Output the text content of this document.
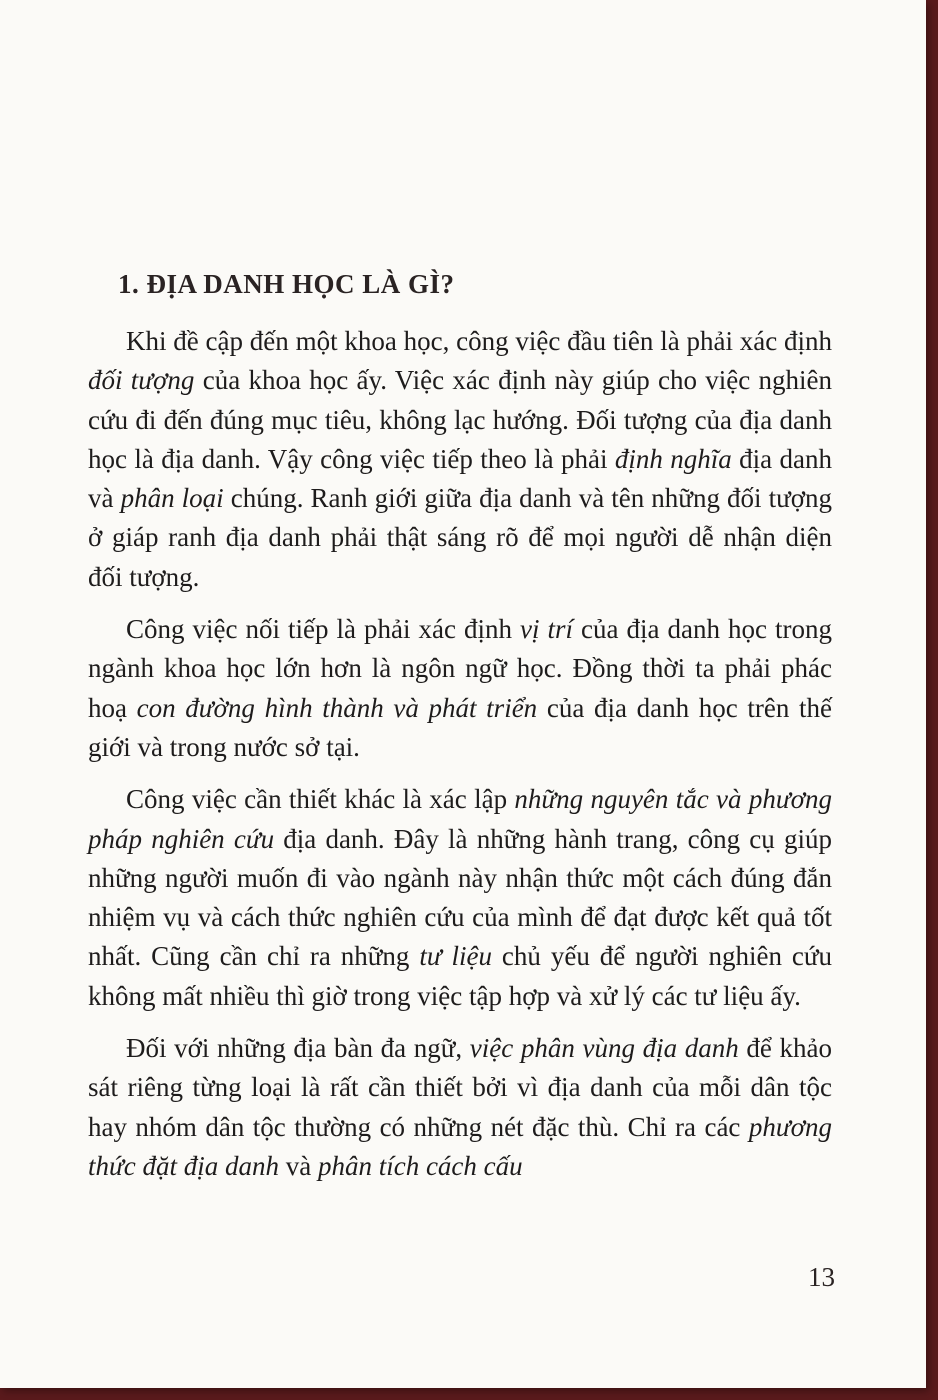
1. ĐỊA DANH HỌC LÀ GÌ?

Khi đề cập đến một khoa học, công việc đầu tiên là phải xác định đối tượng của khoa học ấy. Việc xác định này giúp cho việc nghiên cứu đi đến đúng mục tiêu, không lạc hướng. Đối tượng của địa danh học là địa danh. Vậy công việc tiếp theo là phải định nghĩa địa danh và phân loại chúng. Ranh giới giữa địa danh và tên những đối tượng ở giáp ranh địa danh phải thật sáng rõ để mọi người dễ nhận diện đối tượng.

Công việc nối tiếp là phải xác định vị trí của địa danh học trong ngành khoa học lớn hơn là ngôn ngữ học. Đồng thời ta phải phác hoạ con đường hình thành và phát triển của địa danh học trên thế giới và trong nước sở tại.

Công việc cần thiết khác là xác lập những nguyên tắc và phương pháp nghiên cứu địa danh. Đây là những hành trang, công cụ giúp những người muốn đi vào ngành này nhận thức một cách đúng đắn nhiệm vụ và cách thức nghiên cứu của mình để đạt được kết quả tốt nhất. Cũng cần chỉ ra những tư liệu chủ yếu để người nghiên cứu không mất nhiều thì giờ trong việc tập hợp và xử lý các tư liệu ấy.

Đối với những địa bàn đa ngữ, việc phân vùng địa danh để khảo sát riêng từng loại là rất cần thiết bởi vì địa danh của mỗi dân tộc hay nhóm dân tộc thường có những nét đặc thù. Chỉ ra các phương thức đặt địa danh và phân tích cách cấu

13
